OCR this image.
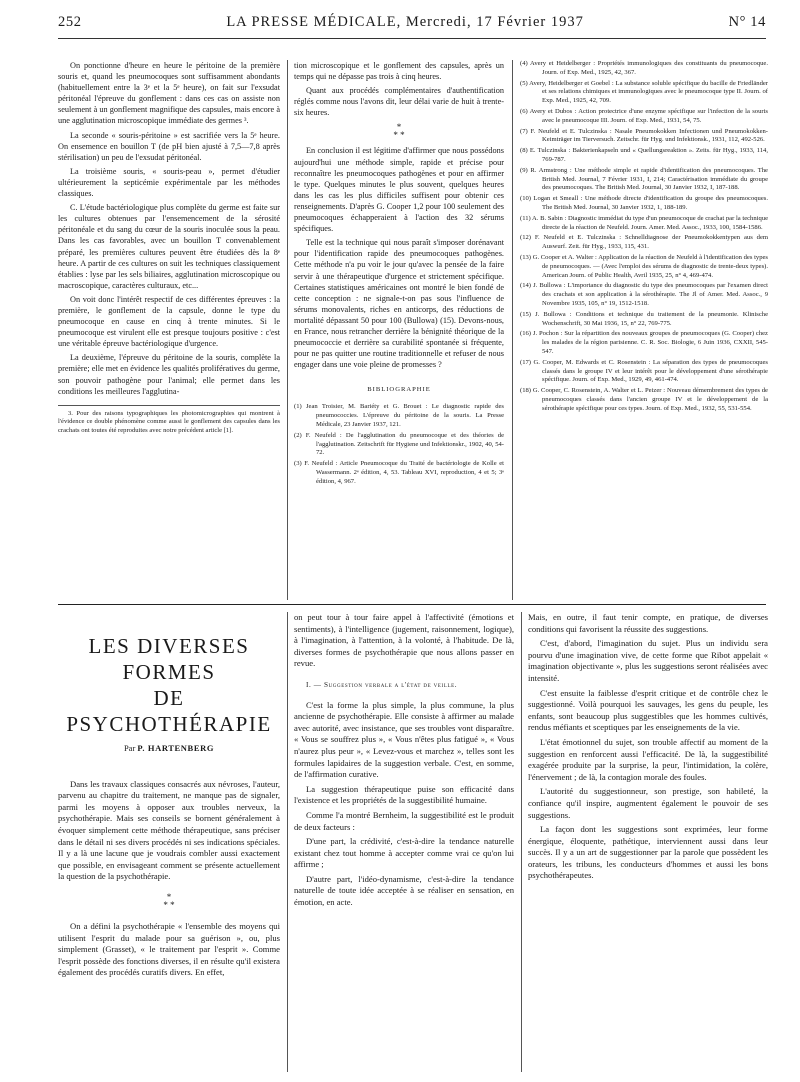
252	LA PRESSE MÉDICALE, Mercredi, 17 Février 1937	N° 14

On ponctionne d'heure en heure le péritoine de la première souris et, quand les pneumocoques sont suffisamment abondants (habituellement entre la 3ᵉ et la 5ᵉ heure), on fait sur l'exsudat péritonéal l'épreuve du gonflement : dans ces cas on assiste non seulement à un gonflement magnifique des capsules, mais encore à une agglutination microscopique immédiate des germes ³.

La seconde « souris-péritoine » est sacrifiée vers la 5ᵉ heure. On ensemence en bouillon T (de pH bien ajusté à 7,5—7,8 après stérilisation) un peu de l'exsudat péritonéal.

La troisième souris, « souris-peau », permet d'étudier ultérieurement la septicémie expérimentale par les méthodes classiques.

C. L'étude bactériologique plus complète du germe est faite sur les cultures obtenues par l'ensemencement de la sérosité péritonéale et du sang du cœur de la souris inoculée sous la peau. Dans les cas favorables, avec un bouillon T convenablement préparé, les premières cultures peuvent être étudiées dès la 8ᵉ heure. A partir de ces cultures on suit les techniques classiquement établies : lyse par les sels biliaires, agglutination microscopique ou macroscopique, caractères culturaux, etc...

On voit donc l'intérêt respectif de ces différentes épreuves : la première, le gonflement de la capsule, donne le type du pneumocoque en cause en cinq à trente minutes. Si le pneumocoque est virulent elle est presque toujours positive : c'est une véritable épreuve bactériologique d'urgence.

La deuxième, l'épreuve du péritoine de la souris, complète la première; elle met en évidence les qualités prolifératives du germe, son pouvoir pathogène pour l'animal; elle permet dans les conditions les meilleures l'agglutina-

3. Pour des raisons typographiques les photomicrographies qui montrent à l'évidence ce double phénomène comme aussi le gonflement des capsules dans les crachats ont toutes été reproduites avec notre précédent article [1].

tion microscopique et le gonflement des capsules, après un temps qui ne dépasse pas trois à cinq heures.

Quant aux procédés complémentaires d'authentification réglés comme nous l'avons dit, leur délai varie de huit à trente-six heures.

*
* *

En conclusion il est légitime d'affirmer que nous possédons aujourd'hui une méthode simple, rapide et précise pour reconnaître les pneumocoques pathogènes et pour en affirmer le type. Quelques minutes le plus souvent, quelques heures dans les cas les plus difficiles suffisent pour obtenir ces renseignements. D'après G. Cooper 1,2 pour 100 seulement des pneumocoques échapperaient à l'action des 32 sérums spécifiques.

Telle est la technique qui nous paraît s'imposer dorénavant pour l'identification rapide des pneumocoques pathogènes. Cette méthode n'a pu voir le jour qu'avec la pensée de la faire servir à une thérapeutique d'urgence et strictement spécifique. Certaines statistiques américaines ont montré le bien fondé de cette conception : ne signale-t-on pas sous l'influence de sérums monovalents, riches en anticorps, des réductions de mortalité dépassant 50 pour 100 (Bullowa) (15). Devons-nous, en France, nous retrancher derrière la bénignité théorique de la pneumococcie et derrière sa curabilité spontanée si fréquente, pour ne pas quitter une routine traditionnelle et refuser de nous engager dans une voie pleine de promesses ?

BIBLIOGRAPHIE
(1) Jean Troisier, M. Bariéty et G. Brouet : Le diagnostic rapide des pneumococcies. L'épreuve du péritoine de la souris. La Presse Médicale, 23 Janvier 1937, 121.
(2) F. Neufeld : De l'agglutination du pneumocoque et des théories de l'agglutination. Zeitschrift für Hygiene und Infektionskr., 1902, 40, 54-72.
(3) F. Neufeld : Article Pneumocoque du Traité de bactériologie de Kolle et Wassermann. 2ᵉ édition, 4, 53. Tableau XVI, reproduction, 4 et 5; 3ᵉ édition, 4, 967.
(4) Avery et Heidelberger : Propriétés immunologiques des constituants du pneumocoque. Journ. of Exp. Med., 1925, 42, 367.
(5) Avery, Heidelberger et Goebel : La substance soluble spécifique du bacille de Friedländer et ses relations chimiques et immunologiques avec le pneumocoque type II. Journ. of Exp. Med., 1925, 42, 709.
(6) Avery et Dubos : Action protectrice d'une enzyme spécifique sur l'infection de la souris avec le pneumocoque III. Journ. of Exp. Med., 1931, 54, 75.
(7) F. Neufeld et E. Tulczinska : Nasale Pneumokokken Infectionen und Pneumokokken-Keimträger im Tierversuch. Zeitschr. für Hyg. und Infektionsk., 1931, 112, 492-526.
(8) E. Tulczinska : Bakterienkapseln und « Quellungsreaktion ». Zeits. für Hyg., 1933, 114, 769-787.
(9) R. Armstrong : Une méthode simple et rapide d'identification des pneumocoques. The British Med. Journal, 7 Février 1931, I, 214; Caractérisation immédiate du groupe des pneumocoques. The British Med. Journal, 30 Janvier 1932, I, 187-188.
(10) Logan et Smeall : Une méthode directe d'identification du groupe des pneumocoques. The British Med. Journal, 30 Janvier 1932, 1, 188-189.
(11) A. B. Sabin : Diagnostic immédiat du type d'un pneumocoque de crachat par la technique directe de la réaction de Neufeld. Journ. Amer. Med. Assoc., 1933, 100, 1584-1586.
(12) F. Neufeld et E. Tulczinska : Schnelldiagnose der Pneumokokkentypen aus dem Auswurf. Zeit. für Hyg., 1933, 115, 431.
(13) G. Cooper et A. Walter : Application de la réaction de Neufeld à l'identification des types de pneumocoques. — (Avec l'emploi des sérums de diagnostic de trente-deux types). American Journ. of Public Health, Avril 1935, 25, n° 4, 469-474.
(14) J. Bullowa : L'importance du diagnostic du type des pneumocoques par l'examen direct des crachats et son application à la sérothérapie. The Jl of Amer. Med. Assoc., 9 Novembre 1935, 105, n° 19, 1512-1518.
(15) J. Bullowa : Conditions et technique du traitement de la pneumonie. Klinische Wochenschrift, 30 Mai 1936, 15, n° 22, 769-775.
(16) J. Pochon : Sur la répartition des nouveaux groupes de pneumocoques (G. Cooper) chez les malades de la région parisienne. C. R. Soc. Biologie, 6 Juin 1936, CXXII, 545-547.
(17) G. Cooper, M. Edwards et C. Rosenstein : La séparation des types de pneumocoques classés dans le groupe IV et leur intérêt pour le développement d'une sérothérapie spécifique. Journ. of Exp. Med., 1929, 49, 461-474.
(18) G. Cooper, C. Rosenstein, A. Walter et L. Peizer : Nouveau démembrement des types de pneumocoques classés dans l'ancien groupe IV et le développement de la sérothérapie spécifique pour ces types. Journ. of Exp. Med., 1932, 55, 531-554.
LES DIVERSES FORMES
DE PSYCHOTHÉRAPIE
Par P. HARTENBERG

Dans les travaux classiques consacrés aux névroses, l'auteur, parvenu au chapitre du traitement, ne manque pas de signaler, parmi les moyens à opposer aux troubles nerveux, la psychothérapie. Mais ses conseils se bornent généralement à évoquer simplement cette méthode thérapeutique, sans préciser dans le détail ni ses divers procédés ni ses indications spéciales. Il y a là une lacune que je voudrais combler aussi exactement que possible, en envisageant comment se présente actuellement la question de la psychothérapie.

*
* *

On a défini la psychothérapie « l'ensemble des moyens qui utilisent l'esprit du malade pour sa guérison », ou, plus simplement (Grasset), « le traitement par l'esprit ». Comme l'esprit possède des fonctions diverses, il en résulte qu'il existera également des procédés curatifs divers. En effet,

on peut tour à tour faire appel à l'affectivité (émotions et sentiments), à l'intelligence (jugement, raisonnement, logique), à l'imagination, à l'attention, à la volonté, à l'habitude. De là, diverses formes de psychothérapie que nous allons passer en revue.

I. — Suggestion verbale a l'état de veille.

C'est la forme la plus simple, la plus commune, la plus ancienne de psychothérapie. Elle consiste à affirmer au malade avec autorité, avec insistance, que ses troubles vont disparaître. « Vous se souffrez plus », « Vous n'êtes plus fatigué », « Vous n'aurez plus peur », « Levez-vous et marchez », telles sont les formules lapidaires de la suggestion verbale. C'est, en somme, de l'affirmation curative.

La suggestion thérapeutique puise son efficacité dans l'existence et les propriétés de la suggestibilité humaine.

Comme l'a montré Bernheim, la suggestibilité est le produit de deux facteurs :

D'une part, la crédivité, c'est-à-dire la tendance naturelle existant chez tout homme à accepter comme vrai ce qu'on lui affirme ;

D'autre part, l'idéo-dynamisme, c'est-à-dire la tendance naturelle de toute idée acceptée à se réaliser en sensation, en émotion, en acte.

Mais, en outre, il faut tenir compte, en pratique, de diverses conditions qui favorisent la réussite des suggestions.

C'est, d'abord, l'imagination du sujet. Plus un individu sera pourvu d'une imagination vive, de cette forme que Ribot appelait « imagination objectivante », plus les suggestions seront réalisées avec intensité.

C'est ensuite la faiblesse d'esprit critique et de contrôle chez le suggestionné. Voilà pourquoi les sauvages, les gens du peuple, les enfants, sont beaucoup plus suggestibles que les hommes cultivés, rendus méfiants et sceptiques par les enseignements de la vie.

L'état émotionnel du sujet, son trouble affectif au moment de la suggestion en renforcent aussi l'efficacité. De là, la suggestibilité exagérée produite par la surprise, la peur, l'intimidation, la colère, l'énervement ; de là, la contagion morale des foules.

L'autorité du suggestionneur, son prestige, son habileté, la confiance qu'il inspire, augmentent également le pouvoir de ses suggestions.

La façon dont les suggestions sont exprimées, leur forme énergique, éloquente, pathétique, interviennent aussi dans leur succès. Il y a un art de suggestionner par la parole que possèdent les orateurs, les tribuns, les conducteurs d'hommes et aussi les bons psychothérapeutes.
